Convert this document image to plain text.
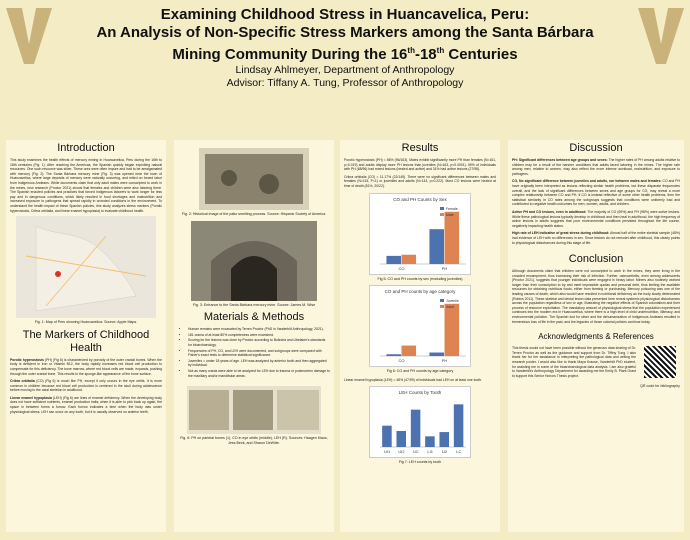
Examining Childhood Stress in Huancavelica, Peru:
An Analysis of Non-Specific Stress Markers among the Santa Bárbara
Mining Community During the 16th-18th Centuries
Lindsay Ahlmeyer, Department of Anthropology
Advisor: Tiffany A. Tung, Professor of Anthropology
Introduction

This study examines the health effects of mercury mining in Huancavelica, Peru during the 16th to 18th centuries (Fig. 1). After reaching the Americas, the Spanish quickly began exploiting natural resources. One such resource was silver. These ores were often impure and had to be amalgamated with mercury (Fig. 2). The Santa Bárbara mercury mine (Fig. 3) was opened near the town of Huancavelica, where large deposits of mercury were naturally occurring, and relied on forced labor from Indigenous Andeans. While documents claim that only adult males were conscripted to work in the mines, new research (Proctor 2021) shows that females and children were also laboring there. The Spanish enacted policies and practices that forced Indigenous laborers to work longer for less pay and in dangerous conditions, which likely resulted in food shortages and malnutrition and increased exposure to pathogens that spread rapidly in crowded conditions in the environment. To understand the health impact of these Spanish policies, this study analyzes stress markers (Porotic hyperostosis, Cribra orbitalia, and linear enamel hypoplasia) to evaluate childhood health.

Fig. 1: Map of Peru showing Huancavelica. Source: Apple Maps.
The Markers of Childhood Health

Porotic hyperostosis (PH) (Fig 6) is characterized by porosity of the outer cranial bones. When the body is deficient in iron or Vitamin B12, the body rapidly increases red blood cell production to compensate for this deficiency. The bone marrow, where red blood cells are made, expands, pushing through the outer cranial bone. This results in the sponge-like appearance of the bone surface.

Cribra orbitalia (CO) (Fig 6) is much like PH, except it only occurs in the eye orbits. It is more common in children because red blood cell production is centered in the skull during adolescence before moving to the axial skeleton in adulthood.

Linear enamel hypoplasia (LEH) (Fig 6) are lines of enamel deficiency. When the developing body does not have sufficient nutrients, enamel production halts; when it is able to pick back up again, the space in between forms a furrow. Each furrow indicates a time when the body was under physiological stress. LEH can occur on any tooth, but it is usually observed on anterior teeth.

Fig. 2: Historical image of the patio smelting process. Source: Hispanic Society of America.
Fig. 3: Entrance to the Santa Bárbara mercury mine. Source: James M. Wise
Materials & Methods
• Human remains were excavated by Terren Proctor (PhD in Vanderbilt Anthropology, 2021).
• 181 crania of at least 80% completeness were examined.
• Scoring for the lesions was done by Proctor according to Buikstra and Ubelaker's standards for bioarchaeology.
• Frequencies of PH, CO, and LEH were documented, and subgroups were compared with Fisher's exact tests to determine statistical significance.
• Juveniles = under 18 years of age. LEH was analyzed by anterior tooth and then aggregated by individual.
• Not as many crania were able to be analyzed for LEH due to trauma or postmortem damage to the maxillary and/or mandibular areas.
Fig. 6: PH on parietal bones (1), CO in eye orbits (middle), LEH (R). Sources: Haagen Klaus, Jess Beck, and Sharon DeWitte.
Results

Porotic hyperostosis (PH) = 56% (96/163). Males exhibit significantly more PH than females (N=161, p=0.019) and adults display more PH lesions than juveniles (N=163, p<0.0001). 69% of individuals with PH (68/96) had mixed lesions (healed and active) and 31% had active lesions (27/96).

Cribra orbitalia (CO) = 11.17% (22/145). There were no significant differences between males and females (N=115, P=1) or juveniles and adults (N=143, p=0.222). Most CO lesions were healed at time of death (81%, 20/22).

CO and PH Counts by Sex
CO	PH
Female
Male
Fig 5: CO and PH counts by sex (excluding juveniles)
CO and PH counts by age category
CO	PH
Juvenile
Adult
Fig 6: CO and PH counts by age category

Linear enamel hypoplasia (LEH) = 48% (47/99) of individuals had LEH on at least one tooth.

LEH Counts by Tooth
UI1 UI2 UC LI1 LI2 LC
Fig 7: LEH counts by tooth
Discussion

PH: Significant differences between age groups and sexes: The higher rates of PH among adults relative to children may be a result of the harsher conditions that adults faced laboring in the mines. The higher rate among men, relative to women, may also reflect the more intense workload, malnutrition, and exposure to pathogens.

CO, No significant difference between juveniles and adults, nor between males and females: CO and PH have originally been interpreted as lesions reflecting similar health problems, but these disparate frequencies overall, and the lack of significant differences between sexes and age groups for CO, may reveal a more complex relationship between CO and PH. If CO is instead reflective of some other health problems, then the statistical similarity in CO rates among the subgroups suggests that conditions were uniformly bad and contributed to negative health outcomes for men, women, adults, and children.

Active PH and CO lesions, even in adulthood: The majority of CO (69%) and PH (98%) were active lesions. While these pathological lesions typically develop in childhood and then heal in adulthood, the high frequency of active lesions in adults suggests that poor environmental conditions persisted throughout the life course, negatively impacting health status.

High rate of LEH indicative of great stress during childhood: Almost half of the entire skeletal sample (48%) had evidence of LEH with no differences in sex. Since lesions do not remodel after childhood, this clearly points to physiological disturbances during this stage of life.

Conclusion

Although documents claim that children were not conscripted to work in the mines, they were living in the crowded encampment, thus increasing their risk of infection. Further, osteoarthritis, even among adolescents (Proctor 2021), suggests that younger individuals were engaged in heavy labor. Miners also routinely worked longer than their conscription to try and meet impossible quotas and personal debt, thus limiting the available resources for obtaining nutritious foods, either from farming or purchasing. Mercury poisoning was one of the leading causes of death, which also would have resulted in nutritional deficiency as the body slowly deteriorated (Robins 2011). These skeletal and dental lesion data presented here reveal systemic physiological disturbances across the population regardless of sex or age, illustrating the negative effects of Spanish colonialism and their process of resource exploitation. The mandatory amount of physiological stress that the population experienced continues into the modern era in Huancavelica, where there is a high level of child undernutrition, illiteracy, and environmental pollution. The Spanish lust for silver and the dehumanization of Indigenous Andeans resulted in tremendous loss of life in the past, and the legacies of those colonial policies continue today.

Acknowledgments & References

This thesis would not have been possible without the generous data sharing of Dr. Terren Proctor as well as the guidance and support from Dr. Tiffiny Tung. I also thank her for her assistance in interpreting the pathological data and writing the research poster. I would also like to thank Maya Krause, Vanderbilt PhD student, for assisting me in some of the bioarchaeological data analysis. I am also grateful to Vanderbilt's Anthropology Department for awarding me the Emily B. Plant Grant to support this Senior Honors Thesis project.

QR code for bibliography
